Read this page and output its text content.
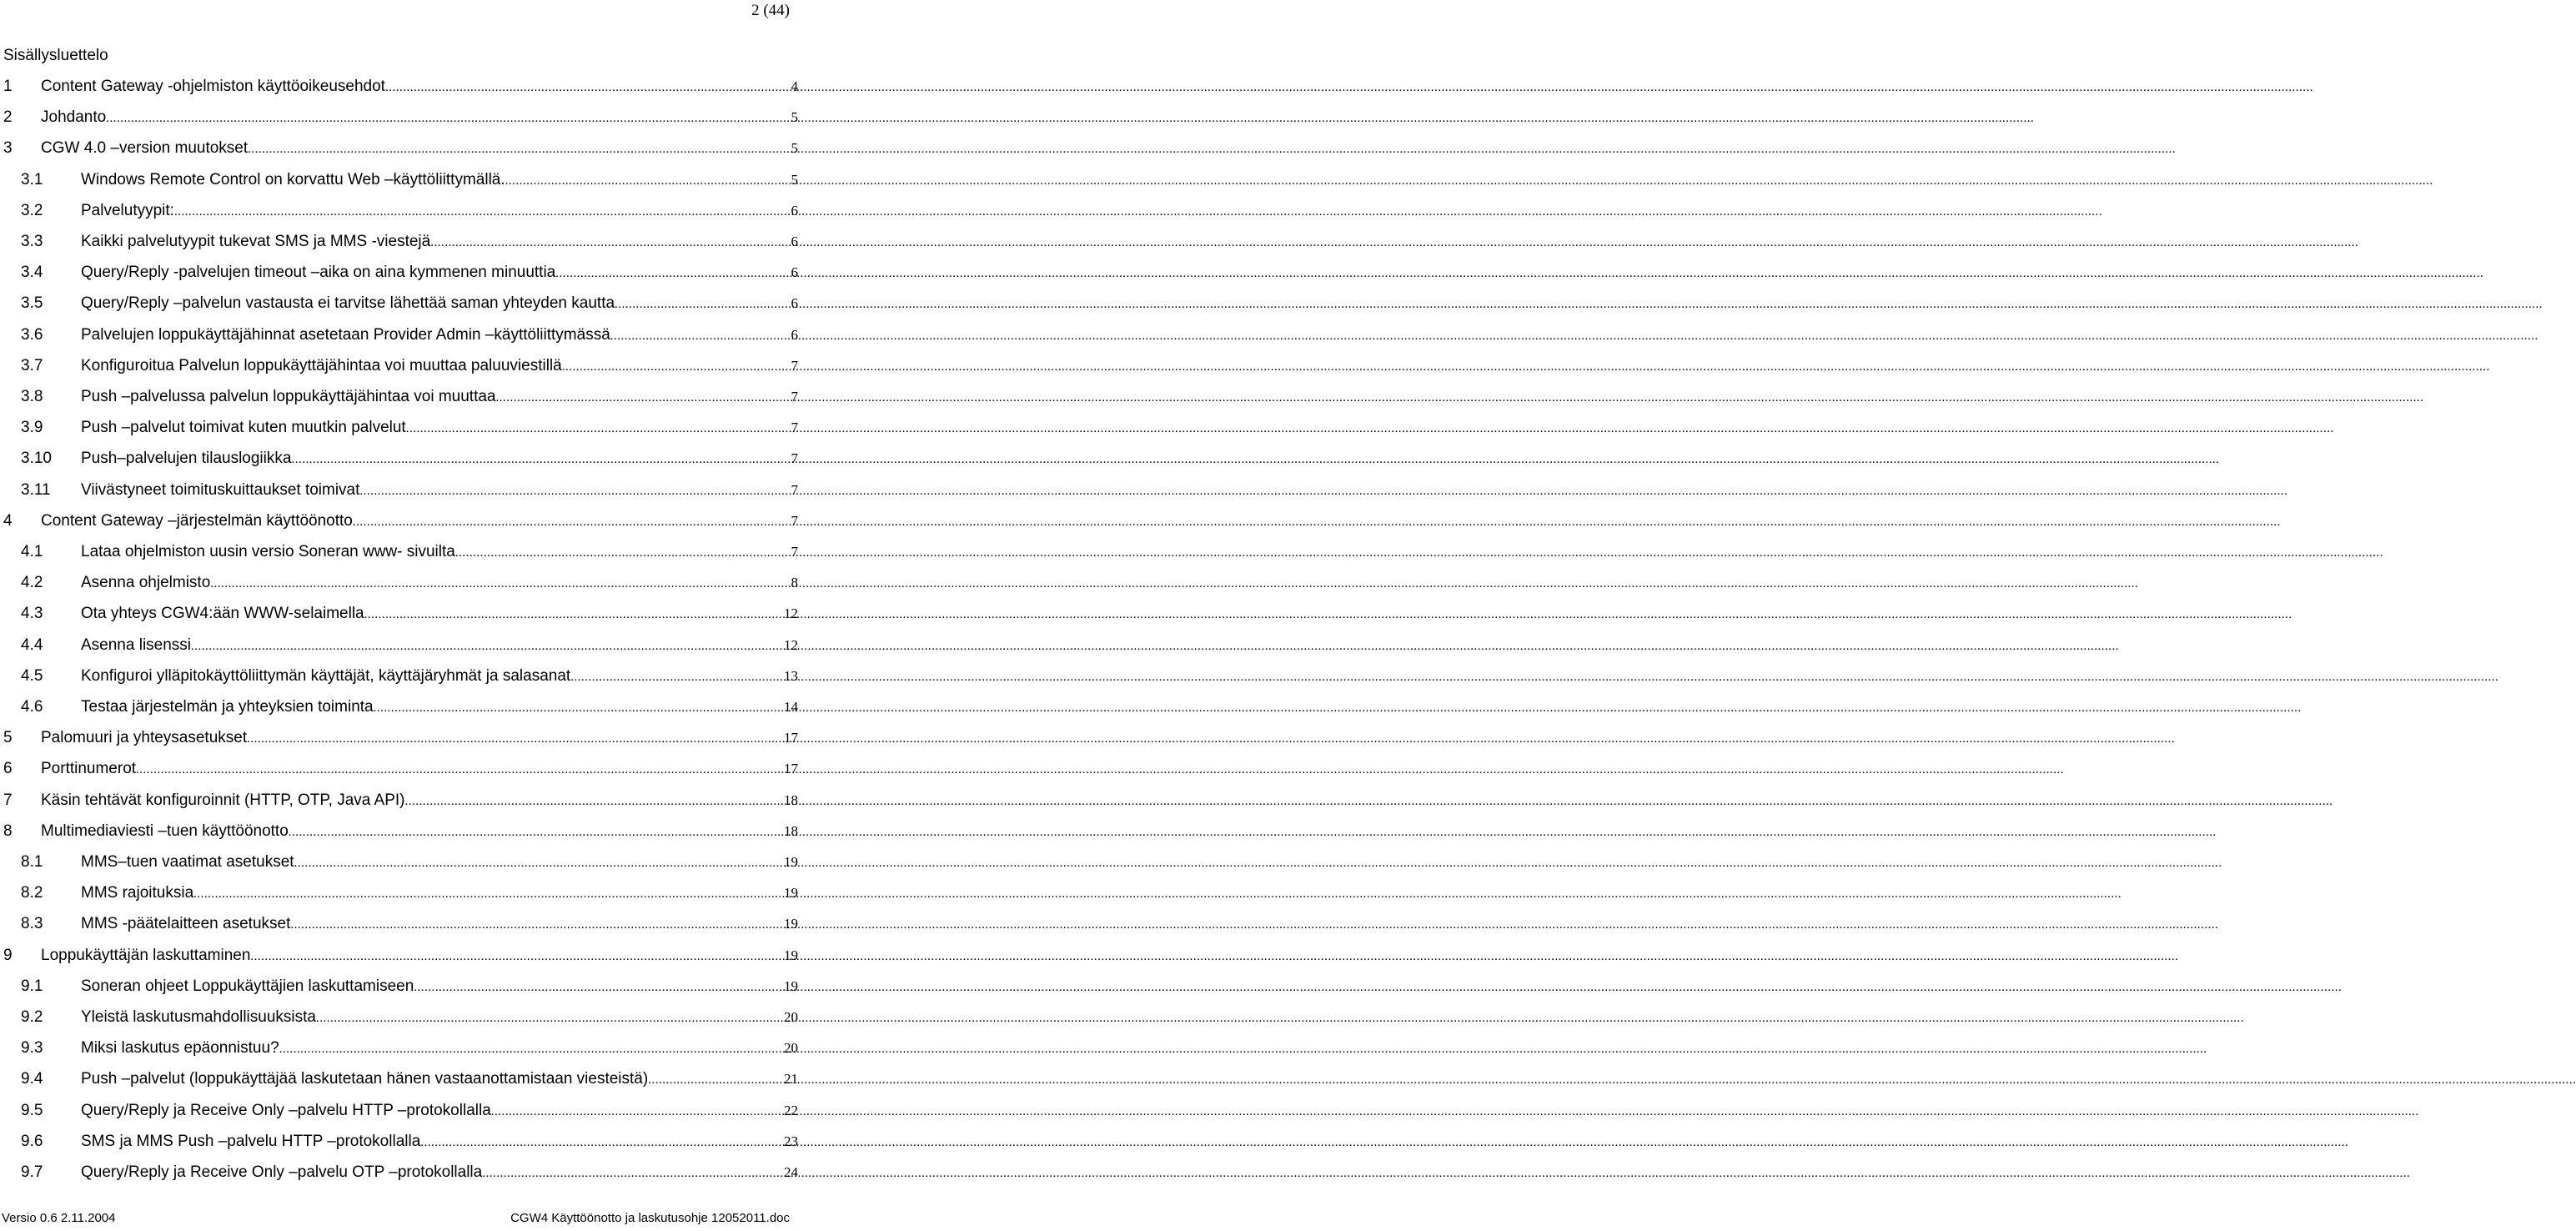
2 (44)
Sisällysluettelo
1 Content Gateway -ohjelmiston käyttöoikeusehdot .....	4
2 Johdanto .....	5
3 CGW 4.0 –version muutokset .....	5
3.1 Windows Remote Control on korvattu Web –käyttöliittymällä. .....	5
3.2 Palvelutyypit: .....	6
3.3 Kaikki palvelutyypit tukevat SMS ja MMS -viestejä .....	6
3.4 Query/Reply -palvelujen timeout –aika on aina kymmenen minuuttia .....	6
3.5 Query/Reply –palvelun vastausta ei tarvitse lähettää saman yhteyden kautta .....	6
3.6 Palvelujen loppukäyttäjähinnat asetetaan Provider Admin –käyttöliittymässä .....	6
3.7 Konfiguroitua Palvelun loppukäyttäjähintaa voi muuttaa paluuviestillä .....	7
3.8 Push –palvelussa palvelun loppukäyttäjähintaa voi muuttaa .....	7
3.9 Push –palvelut toimivat kuten muutkin palvelut .....	7
3.10 Push–palvelujen tilauslogiikka .....	7
3.11 Viivästyneet toimituskuittaukset toimivat .....	7
4 Content Gateway –järjestelmän käyttöönotto .....	7
4.1 Lataa ohjelmiston uusin versio Soneran www- sivuilta .....	7
4.2 Asenna ohjelmisto .....	8
4.3 Ota yhteys CGW4:ään WWW-selaimella .....	12
4.4 Asenna lisenssi .....	12
4.5 Konfiguroi ylläpitokäyttöliittymän käyttäjät, käyttäjäryhmät ja salasanat .....	13
4.6 Testaa järjestelmän ja yhteyksien toiminta .....	14
5 Palomuuri ja yhteysasetukset .....	17
6 Porttinumerot .....	17
7 Käsin tehtävät konfiguroinnit (HTTP, OTP, Java API) .....	18
8 Multimediaviesti –tuen käyttöönotto .....	18
8.1 MMS–tuen vaatimat asetukset .....	19
8.2 MMS rajoituksia .....	19
8.3 MMS -päätelaitteen asetukset .....	19
9 Loppukäyttäjän laskuttaminen .....	19
9.1 Soneran ohjeet Loppukäyttäjien laskuttamiseen .....	19
9.2 Yleistä laskutusmahdollisuuksista .....	20
9.3 Miksi laskutus epäonnistuu? .....	20
9.4 Push –palvelut (loppukäyttäjää laskutetaan hänen vastaanottamistaan viesteistä) .....	21
9.5 Query/Reply ja Receive Only –palvelu HTTP –protokollalla .....	22
9.6 SMS ja MMS Push –palvelu HTTP –protokollalla .....	23
9.7 Query/Reply ja Receive Only –palvelu OTP –protokollalla .....	24
Versio 0.6 2.11.2004	CGW4 Käyttöönotto ja laskutusohje 12052011.doc
